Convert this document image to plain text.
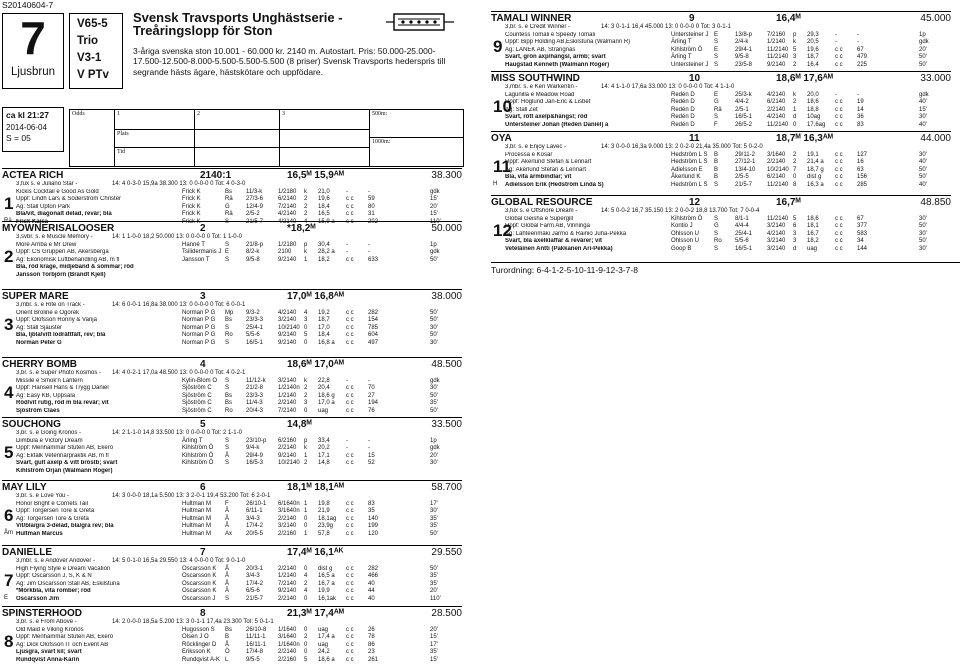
S20140604-7
7
Ljusbrun
V65-5
Trio
V3-1
V PTv
Svensk Travsports Unghästserie - Treåringslopp för Ston
3-åriga svenska ston 10.001 - 60.000 kr. 2140 m. Autostart. Pris: 50.000-25.000-17.500-12.500-8.000-5.500-5.500-5.500 (8 priser) Svensk Travsports hederspris till segrande hästs ägare, hästskötare och uppfödare.
ca kl 21:27
2014-06-04
S = 05
Odds	1	2	3
Plats
Tid
500m:
1000m:
ACTEA RICH	2140:1	16,5ᴹ 15,9ᴬᴹ	38.300
1
3,fux s. e Juliano Star -
Kickis Cocktail e Good As Gold
Uppf: Lindh Lars & Söderström Christer
Äg: Stall Upton Park
Blå/vit, diagonalt delad, revär; blå
14: 4 0-3-0 15,9a 38.300 13: 0 0-0-0 0 Tot: 4 0-3-0
Frick K	Bs 11/3-k	1/2180 k 21,0	-	-	gdk
Frick K	Rä 27/3-6 6/2140 2 19,6	c c 59	15'
Frick K	G	12/4-9 7/2140 2 18,4	c c 80	20'
Frick K	Rä 2/5-2	4/2140 2 16,5	c c 31	15'
MYOWNERISALOOSER	2	*18,2ᴹ	50.000
2
3,svbr. s. e Muscle Memory -
More Arriba e Mr Drew
Uppf: CS Gruppen AB, Åkersberga
Äg: Ekonomisk Luftbehandling AB, m fl
Blå, röd krage, midjeband & sömmar; röd
Jansson Torbjörn (Brandt Kjell)
14: 1 1-0-0 18,2 50.000 13: 0 0-0-0 0 Tot: 1 1-0-0
Hanné T	S	21/8-p 1/2180 p 30,4	-	-	1p
Tsilidermanis J E	8/2-k	2100 k 28,2 a -	-	gdk
Jansson T	S	9/5-8	9/2140 1 18,2	c c 633	50'
SUPER MARE	3	17,0ᴹ 16,8ᴬᴹ	38.000
3
3,mbr. s. e Rite on Track -
Orient Broline e Ogorek
Uppf: Olofsson Ronny & Vanja
Äg: Stall Sjauster
Blå, ljblå/vitt lodrättfält, rev; blå
Norman Peter G
14: 6 0-0-1 16,8a 38.000 13: 0 0-0-0 0 Tot: 6 0-0-1
Norman P G Mp 9/3-2	4/2140 4 19,2	c c 282	50'
Norman P G Bs 23/3-3 3/2140 3 18,7	c c 154	50'
Norman P G S	25/4-1 10/2140 0 17,0	c c 785	30'
Norman P G Ro 5/5-6	9/2140 5 18,4	c c 604	50'
Norman P G S	16/5-1 9/2140 0 16,8 a c c 497	30'
CHERRY BOMB	4	18,6ᴹ 17,0ᴬᴹ	48.500
4
3,br. s. e Super Photo Kosmos -
Missile e Smok'n Lantern
Uppf: Hansell Hans & Trygg Daniel
Äg: Easy KB, Uppsala
Röd/vit rutig, röd m blå revär; vit
Sjöström Claes
14: 4 0-2-1 17,0a 48.500 13: 0 0-0-0 0 Tot: 4 0-2-1
Kylin-Blom O S	11/12-k 3/2140 k 22,8	-	-	gdk
Sjöström C S	21/2-8 1/2140n 2 20,4	c c 70	30'
Sjöström C Bs 23/3-3 1/2140 2 18,6 g c c 27	50'
Sjöström C Bs 11/4-3	2/2140 3 17,0 a c c 194	35'
Sjöström C Ro 20/4-3 7/2140 0 uag	c c 76	50'
SOUCHONG	5	14,8ᴹ	33.500
5
3,br. s. e Going Kronos -
Dimbula e Victory Dream
Uppf: Menhammar Stuteri AB, Ekerö
Äg: Ekfalk Veterinärpraktik AB, m fl
Svart, gult axelp & vitt bröstb; svart
Kihlström Örjan (Walmann Roger)
14: 2 1-1-0 14,8 33.500 13: 0 0-0-0 0 Tot: 2 1-1-0
Ärling T	S	23/10-p 6/2160 p 33,4	-	-	1p
Kihlström Ö S	9/4-k	2/2140 k 20,2	-	-	gdk
Kihlström Ö Å	29/4-9 9/2140 1 17,1	c c 15	20'
Kihlström Ö S	16/5-3 10/2140 2 14,8	c c 52	30'
MAY LILY	6	18,1ᴹ 18,1ᴬᴹ	58.700
6
Åm
3,br. s. e Love You -
Honor Bright e Cornets Tail
Uppf: Torgersen Tore & Greta
Äg: Torgersen Tore & Greta
Vit/blå/grå 3-delad, blå/grå rev; blå
Hultman Marcus
14: 3 0-0-0 18,1a 5.500 13: 3 2-0-1 19,4 53.200 Tot: 6 2-0-1
Hultman M F	26/10-1 6/1640n 1 19,8	c c 83	17'
Hultman M Å	6/11-1	3/1640n 1 21,9	c c 35	30'
Hultman M Å	3/4-3	2/2140 0 18,1ag c c 140	35'
Hultman M Å	17/4-2 3/2140 0 23,9g c c 199	35'
Hultman M Ax 20/5-5 2/2160 1 57,8	c c 120	50'
DANIELLE	7	17,4ᴹ 16,1ᴬᴷ	29.550
7
E
3,mbr. s. e Andover Andover -
High Flying Style e Dream Vacation
Uppf: Oscarsson J, S, K & N
Äg: Jim Oscarsson Stall AB, Eskilstuna
*Mörkblå, vita romber; röd
Oscarsson Jim
14: 5 0-1-0 16,5a 29.550 13: 4 0-0-0 0 Tot: 9 0-1-0
Oscarsson K Å	20/3-1 2/2140 0 dist g c c 282	50'
Oscarsson K Å	3/4-3	1/2140 4 16,5 a c c 466	35'
Oscarsson K Å	17/4-2 7/2140 2 16,7 a c c 40	35'
Oscarsson K Å	6/5-6	9/2140 4 19,9	c c 44	20'
Oscarsson J S	21/5-7 2/2140 0 16,1ak c c 40	110'
SPINSTERHOOD	8	21,3ᴹ 17,4ᴬᴹ	28.500
8
3,br. s. e From Above -
Old Maid e Viking Kronos
Uppf: Menhammar Stuteri AB, Ekerö
Äg: Dick Olofsson IT och Event AB
Ljusgrå, svart kil; svart
Rundqvist Anna-Karin
14: 2 0-0-0 18,5a 5.200 13: 3 0-1-1 17,4a 23.300 Tot: 5 0-1-1
Hugosson S Bs 26/10-8 1/1640 0 uag	c c 26	20'
Olsen J O	B	11/11-1 3/1640 2 17,4 a c c 78	15'
Röcklinger D Å	16/11-1 1/1640n 0 uag	c c 86	17'
Eriksson K Ö	17/4-8 2/2140 0 24,2	c c 23	35'
Rundqvist A-K L	9/5-5	2/2160 5 18,6 a c c 261	15'
TAMALI WINNER	9	16,4ᴹ	45.000
9
3,br. s. e Credit Winner -
Countess Tomali e Speedy Tomali
Uppf: Bipp Holding AB,Eskilstuna (Walmann R)
Äg: LANEK AB, Strängnäs
Svart, grön axp/hängsl, ärmb; svart
Haugstad Kenneth (Walmann Roger)
14: 3 0-1-1 16,4 45.000 13: 0 0-0-0 0 Tot: 3 0-1-1
Untersteiner J E	13/8-p 7/2160 p 29,3	-	-	1p
Ärling T	S	2/4-k	1/2140 k 20,5	-	-	gdk
Kihlström Ö E	29/4-1 11/2140 5 19,6	c c 67	20'
Ärling T	S	9/5-8	11/2140 3 18,7	c c 479	50'
Untersteiner J S	23/5-8 9/2140 2 16,4	c c 225	50'
MISS SOUTHWIND	10	18,6ᴹ 17,6ᴬᴹ	33.000
10
3,mbr. s. e Ken Warkentin -
Lagunilla e Meadow Road
Uppf: Höglund Jan-Eric & Lisbet
Äg: Stall Zet
Svart, rött axelp&hängsl; röd
Untersteiner Johan (Redén Daniel) a
14: 4 1-1-0 17,6a 33.000 13: 0 0-0-0 0 Tot: 4 1-1-0
Redén D	E	25/3-k	4/2140 k 20,0	-	-	gdk
Redén D	G	4/4-2	6/2140 2 18,6	c c 19	40'
Redén D	Rä 2/5-1	2/2140 1 18,8	c c 14	15'
Redén D	S	16/5-1 4/2140 d 10ag c c 36	30'
Redén D	F	26/5-2 11/2140 0 17,6ag c c 83	40'
OYA	11	18,7ᴹ 16,3ᴬᴹ	44.000
11
H
3,br. s. e Enjoy Lavec -
Processa e Kosar
Uppf: Åkerlund Stefan & Lennart
Äg: Åkerlund Stefan & Lennart
Blå, vita ärmbindlar; vit
Adielsson Erik (Hedström Linda S)
14: 3 0-0-0 16,3a 9.000 13: 2 0-2-0 21,4a 35.000 Tot: 5 0-2-0
Hedström L S B	29/11-2 3/1640 2 19,1	c c 127	30'
Hedström L S B	27/12-1 2/2140 2 21,4 a c c 16	40'
Adielsson E B	13/4-10 10/2140 7 18,7 g c c 63	50'
Åkerlund K B	2/5-5	6/2140 0 dist g c c 156	50'
Hedström L S S	21/5-7 11/2140 8 16,3 a c c 285	40'
GLOBAL RESOURCE	12	16,7ᴹ	48.850
12
3,fux s. e Offshore Dream -
Global Geisha e Supergill
Uppf: Global Farm AB, Vinninga
Äg: Lähteenmäki Jarmo & Rainio Juha-Pekka
Svart, blå axelklaffar & revärer; vit
Veteläinen Antti (Pakkanen Ari-Pekka)
14: 5 0-0-2 16,7 35.150 13: 2 0-0-2 18,8 13.700 Tot: 7 0-0-4
Kihlström Ö S	8/1-1	11/2140 5 18,6	c c 67	30'
Kontio J	G	4/4-4	3/2140 6 18,1	c c 377	50'
Ohlsson U S	25/4-1 4/2140 3 16,7	c c 583	30'
Ohlsson U Ro 5/5-6	3/2140 3 18,2	c c 34	50'
Goop B	S	16/5-1 3/2140 d uag	c c 144	30'
Turordning: 6-4-1-2-5-10-11-9-12-3-7-8
